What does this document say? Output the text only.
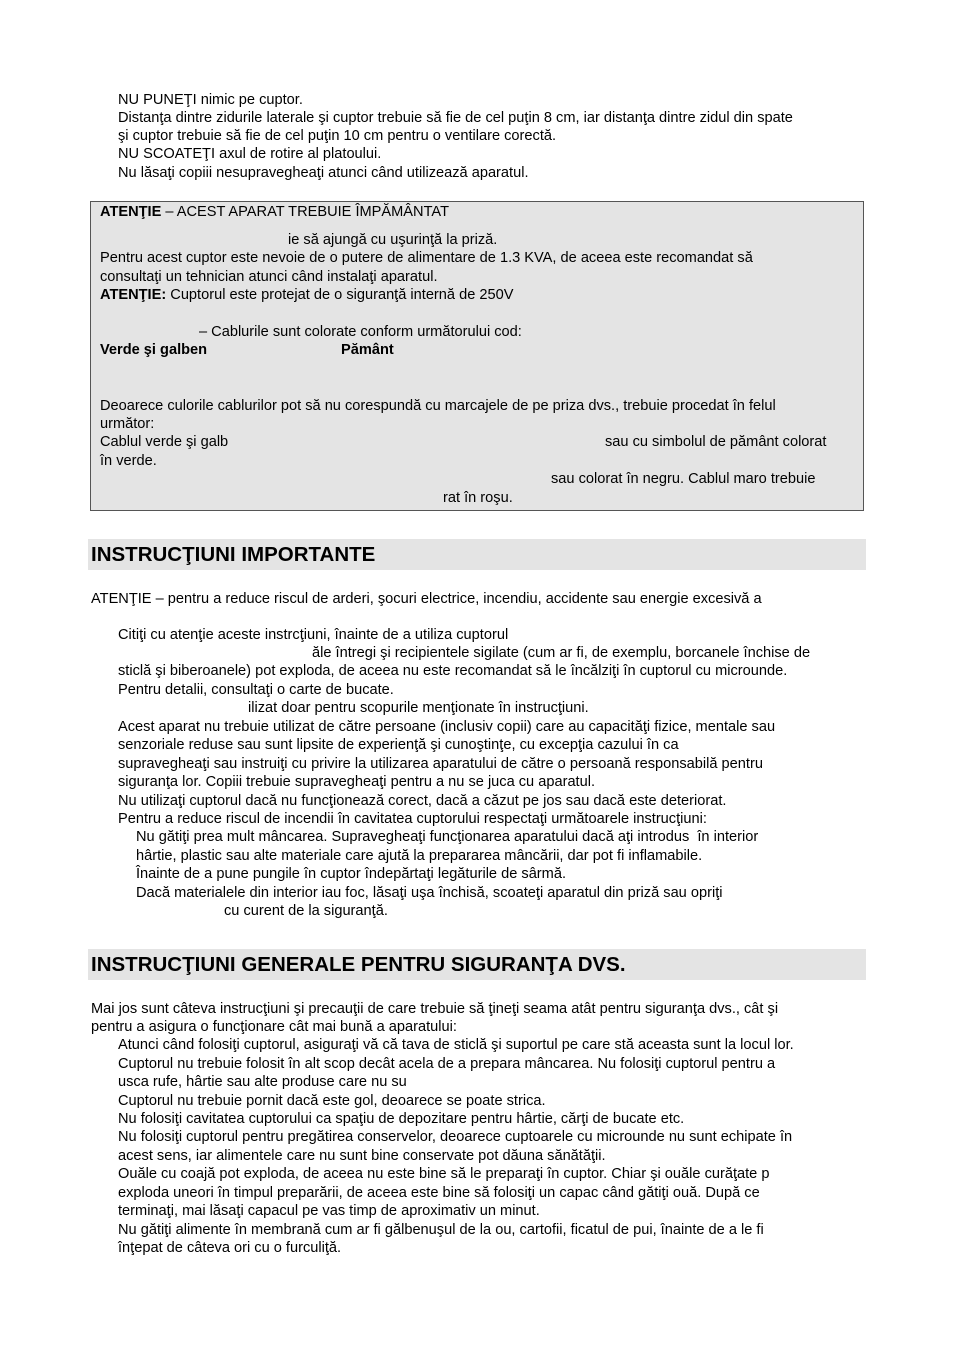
NU PUNEŢI nimic pe cuptor.
Distanţa dintre zidurile laterale şi cuptor trebuie să fie de cel puţin 8 cm, iar distanţa dintre zidul din spate
şi cuptor trebuie să fie de cel puţin 10 cm pentru o ventilare corectă.
NU SCOATEŢI axul de rotire al platoului.
Nu lăsaţi copiii nesupravegheaţi atunci când utilizează aparatul.
ATENŢIE – ACEST APARAT TREBUIE ÎMPĂMÂNTAT
ie să ajungă cu uşurinţă la priză.
Pentru acest cuptor este nevoie de o putere de alimentare de 1.3 KVA, de aceea este recomandat să
consultaţi un tehnician atunci când instalaţi aparatul.
ATENŢIE: Cuptorul este protejat de o siguranţă internă de 250V
– Cablurile sunt colorate conform următorului cod:
Verde şi galben	Pământ
Deoarece culorile cablurilor pot să nu corespundă cu marcajele de pe priza dvs., trebuie procedat în felul
următor:
Cablul verde şi galb	sau cu simbolul de pământ colorat
în verde.
sau colorat în negru. Cablul maro trebuie
rat în roşu.
INSTRUCŢIUNI IMPORTANTE
ATENŢIE – pentru a reduce riscul de arderi, şocuri electrice, incendiu, accidente sau energie excesivă a
Citiţi cu atenţie aceste instrcţiuni, înainte de a utiliza cuptorul
ăle întregi şi recipientele sigilate (cum ar fi, de exemplu, borcanele închise de
sticlă şi biberoanele) pot exploda, de aceea nu este recomandat să le încălziţi în cuptorul cu microunde.
Pentru detalii, consultaţi o carte de bucate.
ilizat doar pentru scopurile menţionate în instrucţiuni.
Acest aparat nu trebuie utilizat de către persoane (inclusiv copii) care au capacităţi fizice, mentale sau
senzoriale reduse sau sunt lipsite de experienţă şi cunoştinţe, cu excepţia cazului în ca
supravegheaţi sau instruiţi cu privire la utilizarea aparatului de către o persoană responsabilă pentru
siguranţa lor. Copiii trebuie supravegheaţi pentru a nu se juca cu aparatul.
Nu utilizaţi cuptorul dacă nu funcţionează corect, dacă a căzut pe jos sau dacă este deteriorat.
Pentru a reduce riscul de incendii în cavitatea cuptorului respectaţi următoarele instrucţiuni:
Nu gătiţi prea mult mâncarea. Supravegheaţi funcţionarea aparatului dacă aţi introdus  în interior
hârtie, plastic sau alte materiale care ajută la prepararea mâncării, dar pot fi inflamabile.
Înainte de a pune pungile în cuptor îndepărtaţi legăturile de sârmă.
Dacă materialele din interior iau foc, lăsaţi uşa închisă, scoateţi aparatul din priză sau opriţi
cu curent de la siguranţă.
INSTRUCŢIUNI GENERALE PENTRU SIGURANŢA DVS.
Mai jos sunt câteva instrucţiuni şi precauţii de care trebuie să ţineţi seama atât pentru siguranţa dvs., cât şi
pentru a asigura o funcţionare cât mai bună a aparatului:
Atunci când folosiţi cuptorul, asiguraţi vă că tava de sticlă şi suportul pe care stă aceasta sunt la locul lor.
Cuptorul nu trebuie folosit în alt scop decât acela de a prepara mâncarea. Nu folosiţi cuptorul pentru a
usca rufe, hârtie sau alte produse care nu su
Cuptorul nu trebuie pornit dacă este gol, deoarece se poate strica.
Nu folosiţi cavitatea cuptorului ca spaţiu de depozitare pentru hârtie, cărţi de bucate etc.
Nu folosiţi cuptorul pentru pregătirea conservelor, deoarece cuptoarele cu microunde nu sunt echipate în
acest sens, iar alimentele care nu sunt bine conservate pot dăuna sănătăţii.
Ouăle cu coajă pot exploda, de aceea nu este bine să le preparaţi în cuptor. Chiar şi ouăle curăţate p
exploda uneori în timpul preparării, de aceea este bine să folosiţi un capac când gătiţi ouă. După ce
terminaţi, mai lăsaţi capacul pe vas timp de aproximativ un minut.
Nu gătiţi alimente în membrană cum ar fi gălbenuşul de la ou, cartofii, ficatul de pui, înainte de a le fi
înţepat de câteva ori cu o furculiţă.
